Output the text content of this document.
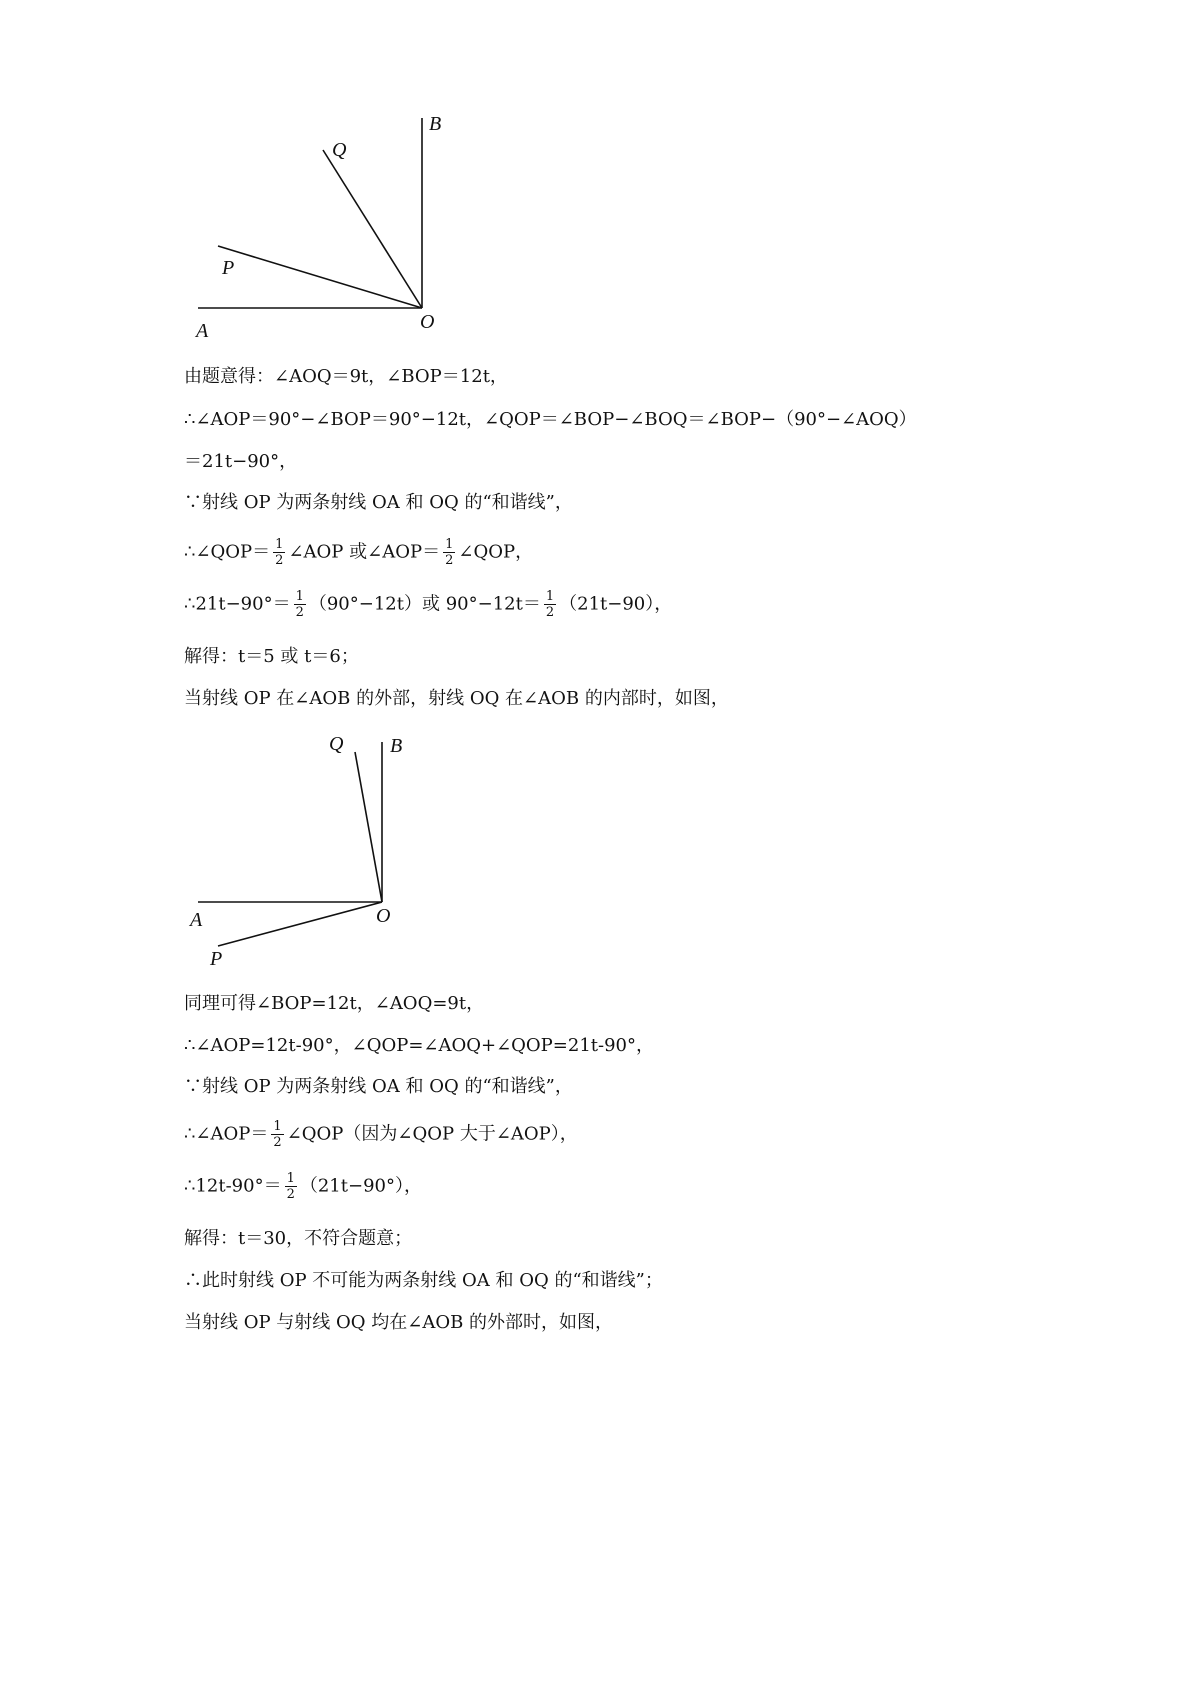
A	O
B
Q
P
由题意得：∠AOQ＝9t，∠BOP＝12t，
∴∠AOP＝90°−∠BOP＝90°−12t，∠QOP＝∠BOP−∠BOQ＝∠BOP−（90°−∠AOQ）
＝21t−90°，
∵射线 OP 为两条射线 OA 和 OQ 的“和谐线”，
∴∠QOP＝ $\frac{1}{2}$ ∠AOP 或∠AOP＝ $\frac{1}{2}$ ∠QOP，
∴21t−90°＝ $\frac{1}{2} (90^\circ-12t)$或 $90^\circ-12t= \frac{1}{2} (21t-90)$，
解得：t＝5 或 t＝6；
当射线 OP 在∠AOB 的外部，射线 OQ 在∠AOB 的内部时，如图，
A	O
B
Q
P
同理可得∠BOP=12t，∠AOQ=9t，
∴∠AOP=12t-90°，∠QOP=∠AOQ+∠QOP=21t-90°，
∵射线 OP 为两条射线 OA 和 OQ 的“和谐线”，
∴∠AOP＝ $\frac{1}{2}$ ∠QOP（因为∠QOP 大于∠AOP），
∴12t-90°＝ $\frac{1}{2} (21t-90^\circ)$，
解得：t＝30，不符合题意；
∴此时射线 OP 不可能为两条射线 OA 和 OQ 的“和谐线”；
当射线 OP 与射线 OQ 均在∠AOB 的外部时，如图，
